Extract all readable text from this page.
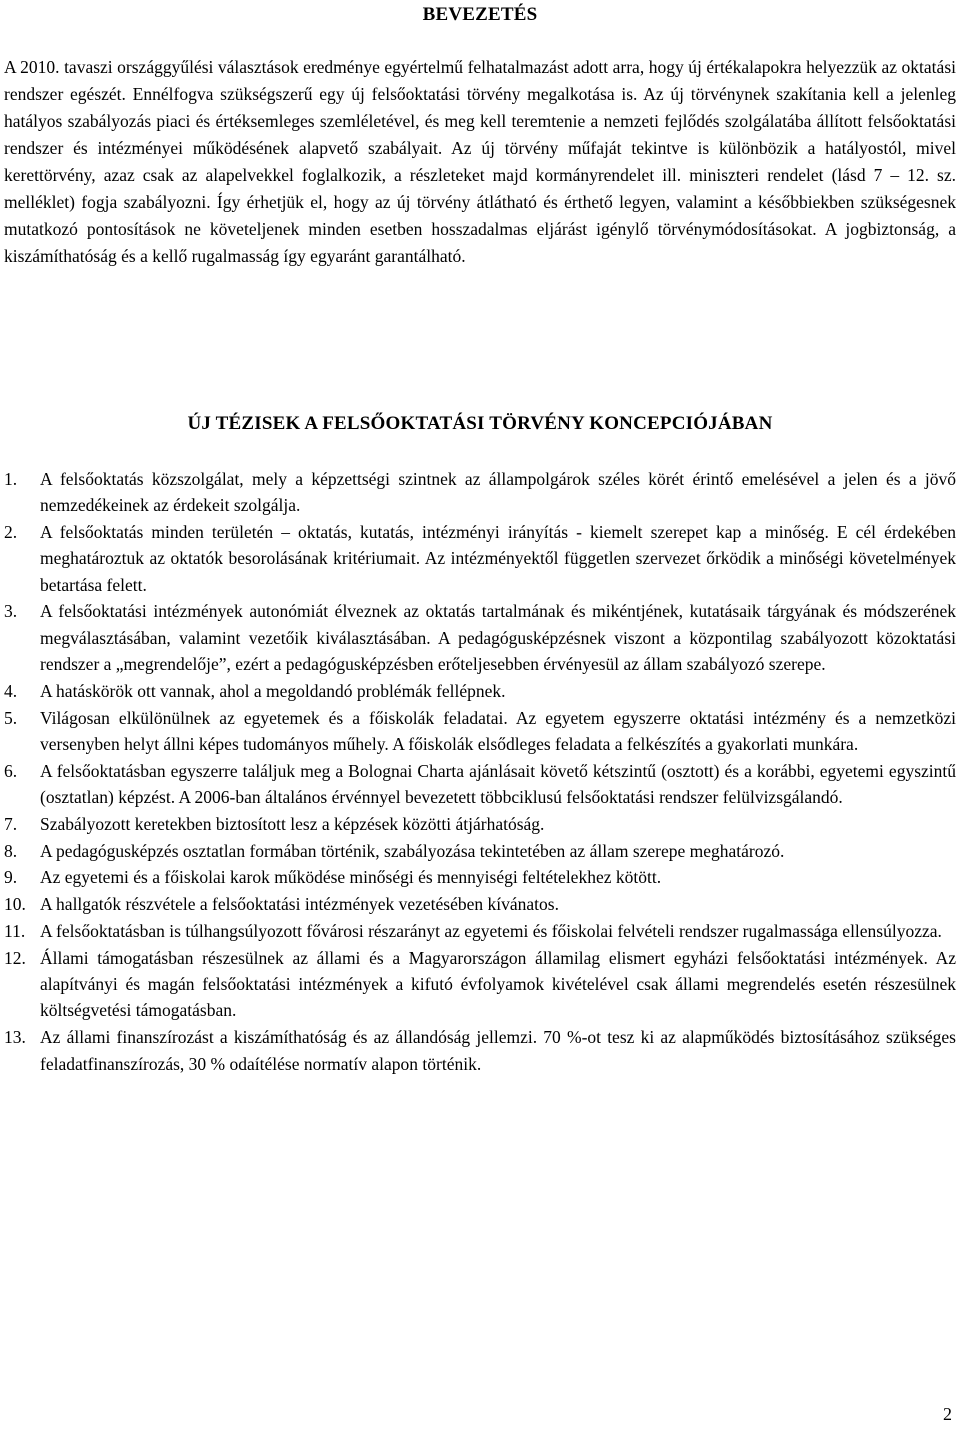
BEVEZETÉS

A 2010. tavaszi országgyűlési választások eredménye egyértelmű felhatalmazást adott arra, hogy új értékalapokra helyezzük az oktatási rendszer egészét. Ennélfogva szükségszerű egy új felsőoktatási törvény megalkotása is. Az új törvénynek szakítania kell a jelenleg hatályos szabályozás piaci és értéksemleges szemléletével, és meg kell teremtenie a nemzeti fejlődés szolgálatába állított felsőoktatási rendszer és intézményei működésének alapvető szabályait. Az új törvény műfaját tekintve is különbözik a hatályostól, mivel kerettörvény, azaz csak az alapelvekkel foglalkozik, a részleteket majd kormányrendelet ill. miniszteri rendelet (lásd 7 – 12. sz. melléklet) fogja szabályozni. Így érhetjük el, hogy az új törvény átlátható és érthető legyen, valamint a későbbiekben szükségesnek mutatkozó pontosítások ne követeljenek minden esetben hosszadalmas eljárást igénylő törvénymódosításokat. A jogbiztonság, a kiszámíthatóság és a kellő rugalmasság így egyaránt garantálható.

ÚJ TÉZISEK A FELSŐOKTATÁSI TÖRVÉNY KONCEPCIÓJÁBAN
1. A felsőoktatás közszolgálat, mely a képzettségi szintnek az állampolgárok széles körét érintő emelésével a jelen és a jövő nemzedékeinek az érdekeit szolgálja.
2. A felsőoktatás minden területén – oktatás, kutatás, intézményi irányítás - kiemelt szerepet kap a minőség. E cél érdekében meghatároztuk az oktatók besorolásának kritériumait. Az intézményektől független szervezet őrködik a minőségi követelmények betartása felett.
3. A felsőoktatási intézmények autonómiát élveznek az oktatás tartalmának és mikéntjének, kutatásaik tárgyának és módszerének megválasztásában, valamint vezetőik kiválasztásában. A pedagógusképzésnek viszont a központilag szabályozott közoktatási rendszer a „megrendelője”, ezért a pedagógusképzésben erőteljesebben érvényesül az állam szabályozó szerepe.
4. A hatáskörök ott vannak, ahol a megoldandó problémák fellépnek.
5. Világosan elkülönülnek az egyetemek és a főiskolák feladatai. Az egyetem egyszerre oktatási intézmény és a nemzetközi versenyben helyt állni képes tudományos műhely. A főiskolák elsődleges feladata a felkészítés a gyakorlati munkára.
6. A felsőoktatásban egyszerre találjuk meg a Bolognai Charta ajánlásait követő kétszintű (osztott) és a korábbi, egyetemi egyszintű (osztatlan) képzést. A 2006-ban általános érvénnyel bevezetett többciklusú felsőoktatási rendszer felülvizsgálandó.
7. Szabályozott keretekben biztosított lesz a képzések közötti átjárhatóság.
8. A pedagógusképzés osztatlan formában történik, szabályozása tekintetében az állam szerepe meghatározó.
9. Az egyetemi és a főiskolai karok működése minőségi és mennyiségi feltételekhez kötött.
10. A hallgatók részvétele a felsőoktatási intézmények vezetésében kívánatos.
11. A felsőoktatásban is túlhangsúlyozott fővárosi részarányt az egyetemi és főiskolai felvételi rendszer rugalmassága ellensúlyozza.
12. Állami támogatásban részesülnek az állami és a Magyarországon államilag elismert egyházi felsőoktatási intézmények. Az alapítványi és magán felsőoktatási intézmények a kifutó évfolyamok kivételével csak állami megrendelés esetén részesülnek költségvetési támogatásban.
13. Az állami finanszírozást a kiszámíthatóság és az állandóság jellemzi. 70 %-ot tesz ki az alapműködés biztosításához szükséges feladatfinanszírozás, 30 % odaítélése normatív alapon történik.
2
